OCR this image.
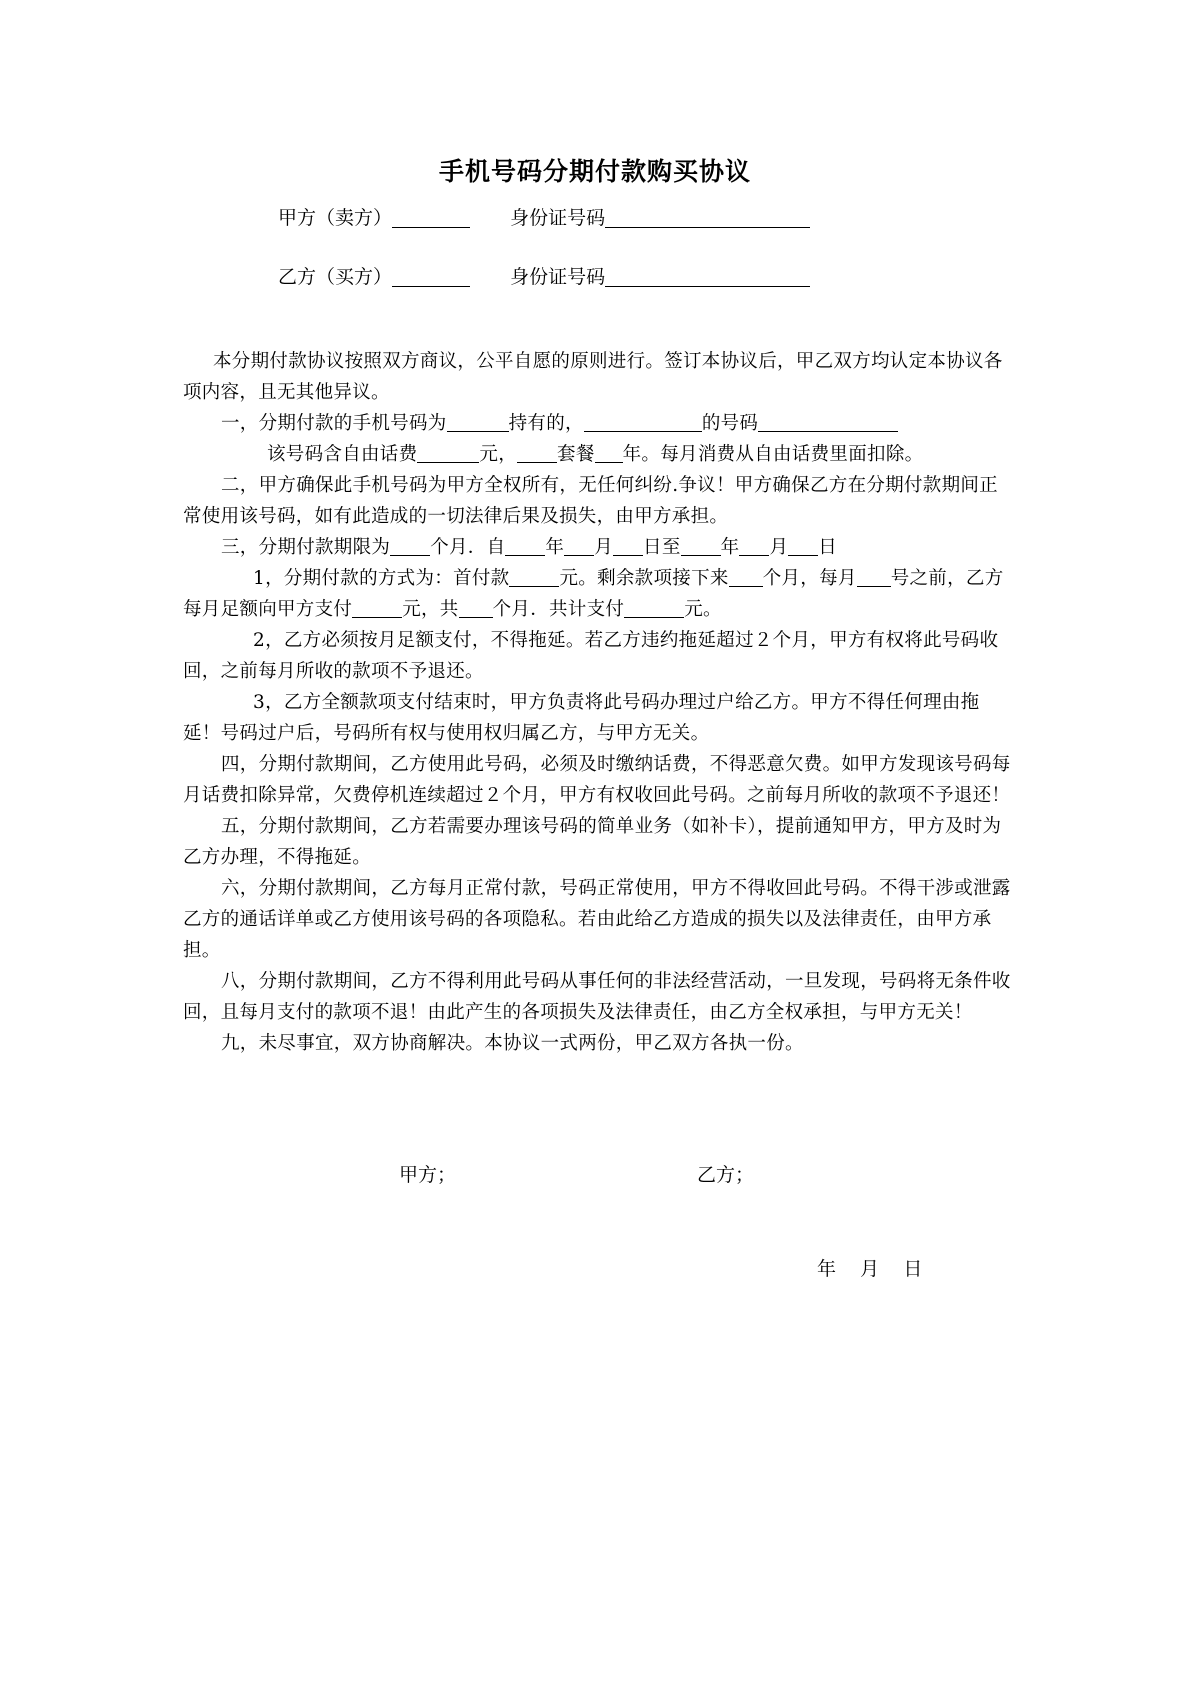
手机号码分期付款购买协议
甲方（卖方）	身份证号码
乙方（买方）	身份证号码

本分期付款协议按照双方商议，公平自愿的原则进行。签订本协议后，甲乙双方均认定本协议各项内容，且无其他异议。

一，分期付款的手机号码为	持有的，	的号码

该号码含自由话费	元， 套餐 年。每月消费从自由话费里面扣除。

二，甲方确保此手机号码为甲方全权所有，无任何纠纷.争议！甲方确保乙方在分期付款期间正常使用该号码，如有此造成的一切法律后果及损失，由甲方承担。

三，分期付款期限为 个月．自 年 月 日至 年 月 日

1，分期付款的方式为：首付款	元。剩余款项接下来 个月，每月 号之前，乙方每月足额向甲方支付	元，共 个月．共计支付	元。

2，乙方必须按月足额支付，不得拖延。若乙方违约拖延超过２个月，甲方有权将此号码收回，之前每月所收的款项不予退还。

3，乙方全额款项支付结束时，甲方负责将此号码办理过户给乙方。甲方不得任何理由拖延！号码过户后，号码所有权与使用权归属乙方，与甲方无关。

四，分期付款期间，乙方使用此号码，必须及时缴纳话费，不得恶意欠费。如甲方发现该号码每月话费扣除异常，欠费停机连续超过２个月，甲方有权收回此号码。之前每月所收的款项不予退还！

五，分期付款期间，乙方若需要办理该号码的简单业务（如补卡），提前通知甲方，甲方及时为乙方办理，不得拖延。

六，分期付款期间，乙方每月正常付款，号码正常使用，甲方不得收回此号码。不得干涉或泄露乙方的通话详单或乙方使用该号码的各项隐私。若由此给乙方造成的损失以及法律责任，由甲方承担。

八，分期付款期间，乙方不得利用此号码从事任何的非法经营活动，一旦发现，号码将无条件收回，且每月支付的款项不退！由此产生的各项损失及法律责任，由乙方全权承担，与甲方无关！

九，未尽事宜，双方协商解决。本协议一式两份，甲乙双方各执一份。

甲方；	乙方；
年    月    日
